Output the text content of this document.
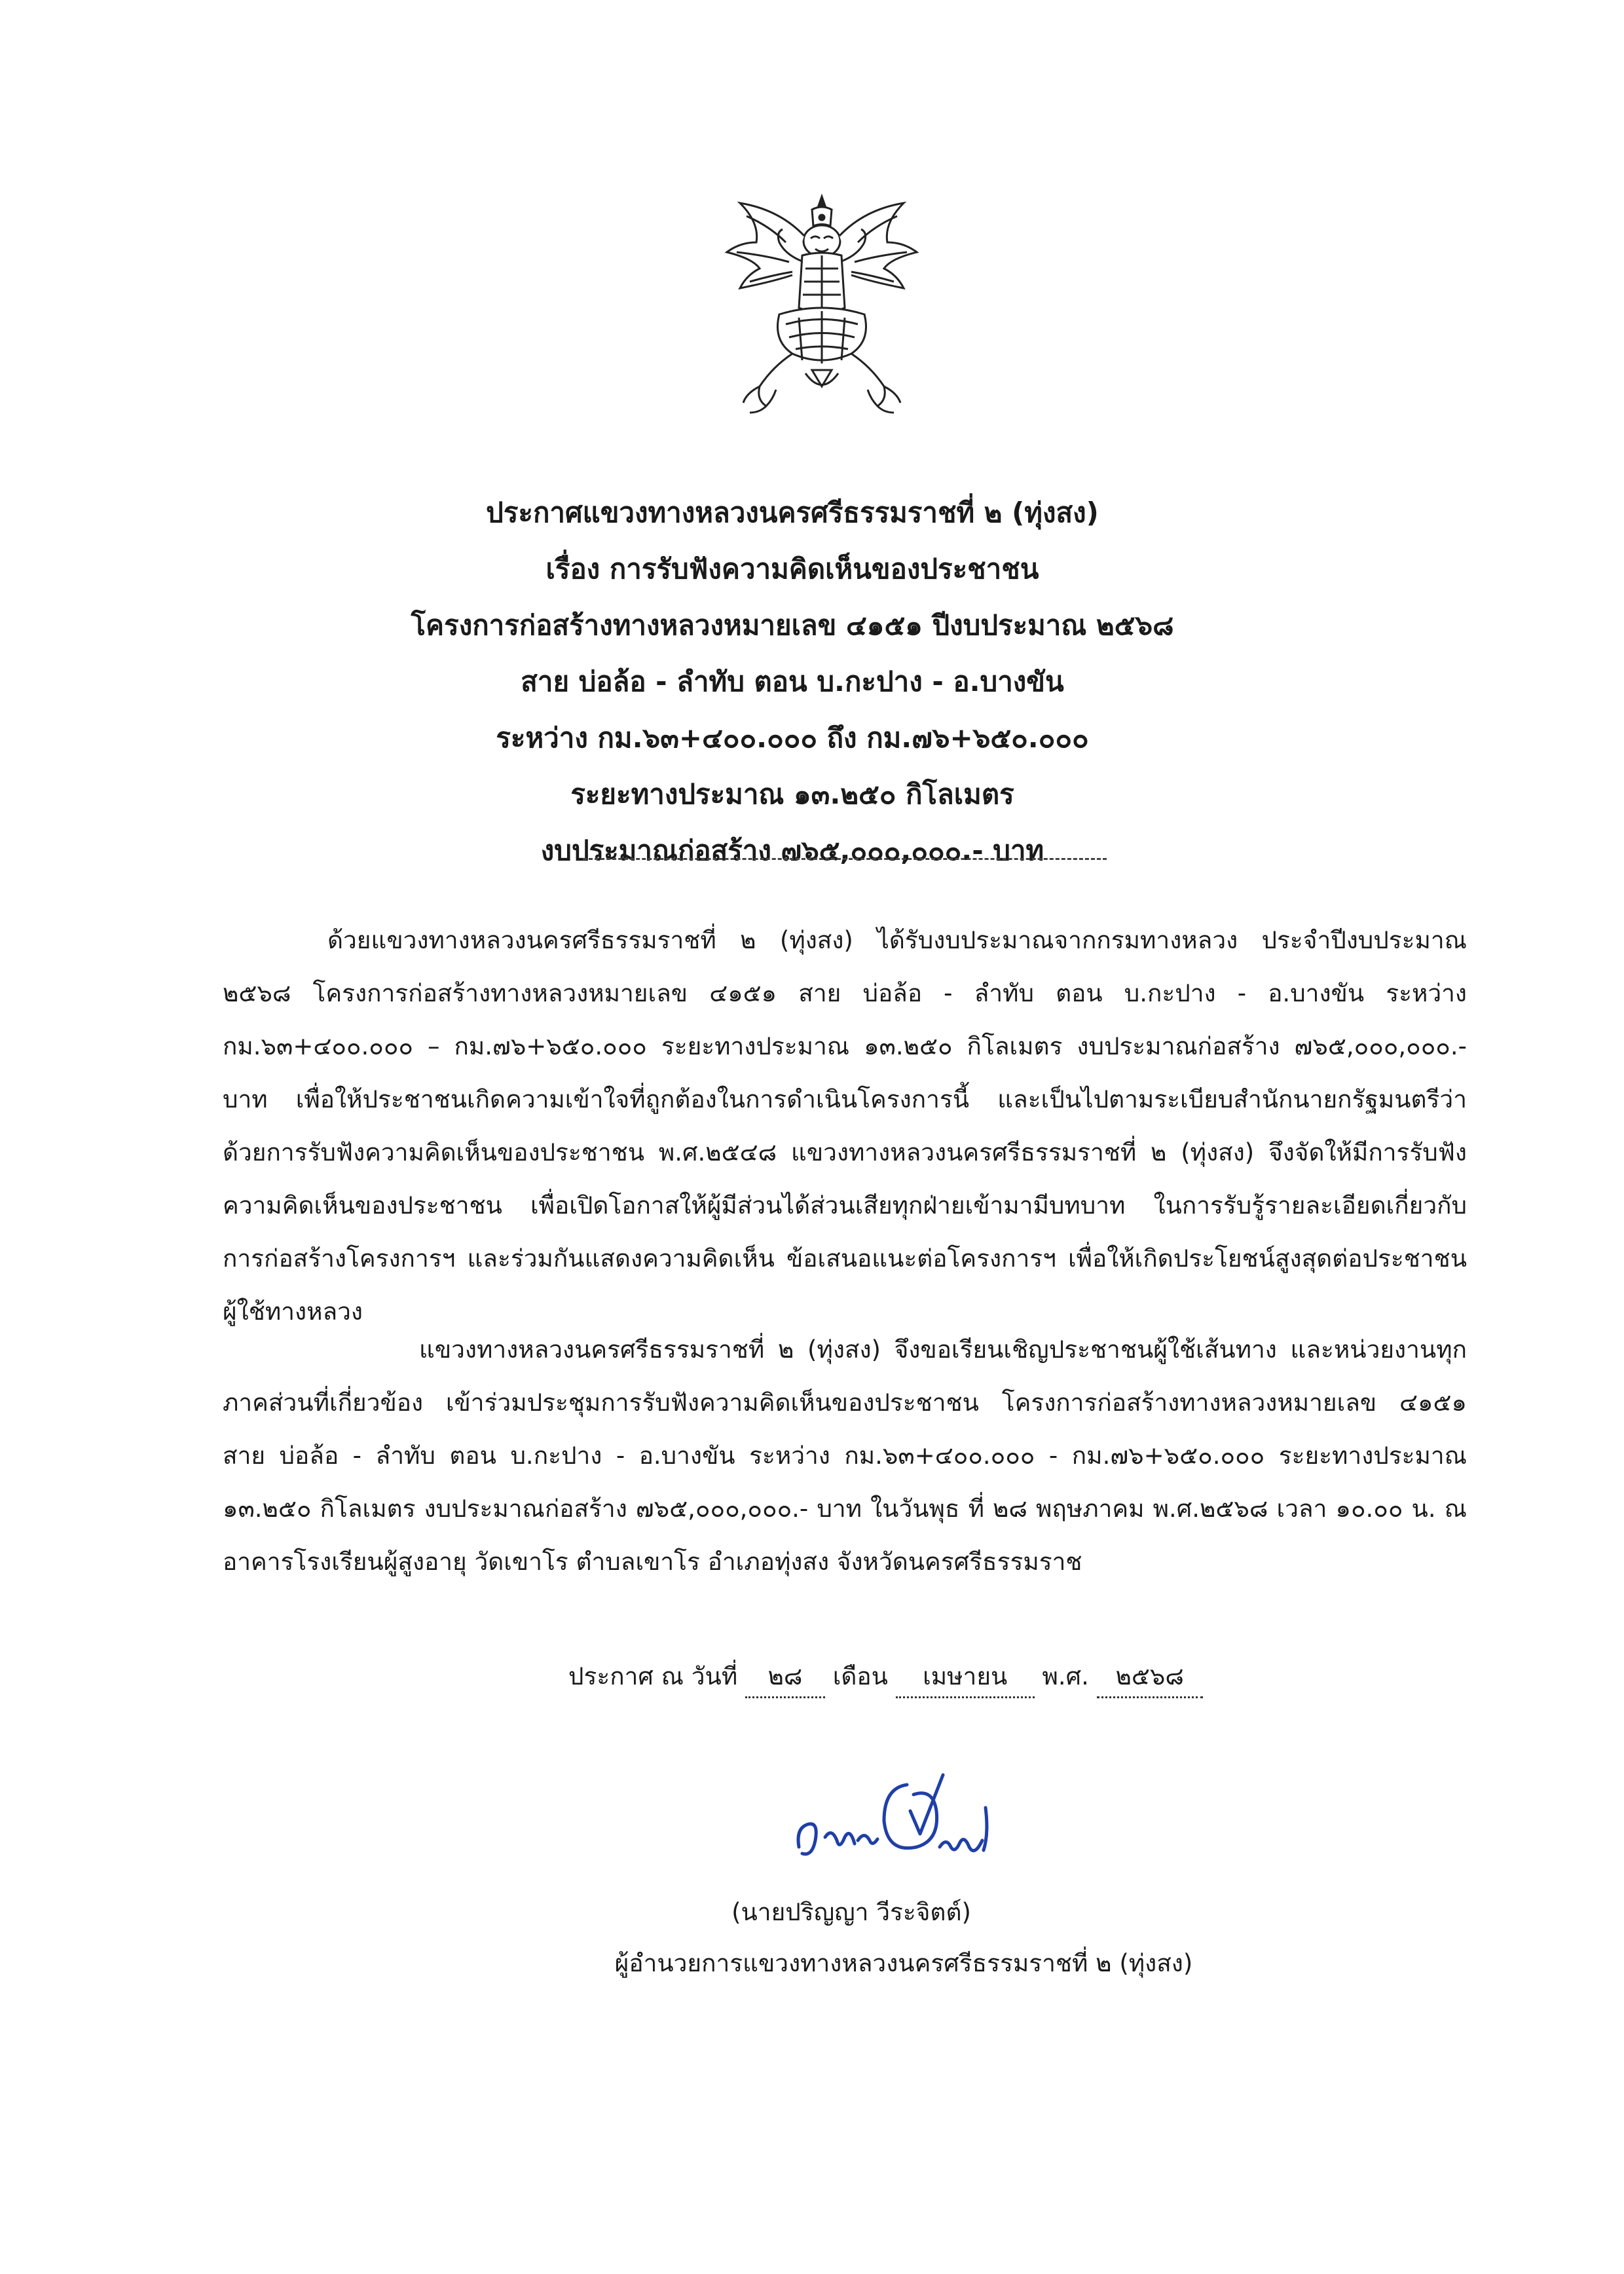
ประกาศแขวงทางหลวงนครศรีธรรมราชที่ ๒ (ทุ่งสง)
เรื่อง การรับฟังความคิดเห็นของประชาชน
โครงการก่อสร้างทางหลวงหมายเลข ๔๑๕๑ ปีงบประมาณ ๒๕๖๘
สาย บ่อล้อ - ลำทับ ตอน บ.กะปาง - อ.บางขัน
ระหว่าง กม.๖๓+๔๐๐.๐๐๐ ถึง กม.๗๖+๖๕๐.๐๐๐
ระยะทางประมาณ ๑๓.๒๕๐ กิโลเมตร
งบประมาณก่อสร้าง ๗๖๕,๐๐๐,๐๐๐.- บาท

ด้วยแขวงทางหลวงนครศรีธรรมราชที่ ๒ (ทุ่งสง) ได้รับงบประมาณจากกรมทางหลวง ประจำปีงบประมาณ ๒๕๖๘ โครงการก่อสร้างทางหลวงหมายเลข ๔๑๕๑ สาย บ่อล้อ - ลำทับ ตอน บ.กะปาง - อ.บางขัน ระหว่าง กม.๖๓+๔๐๐.๐๐๐ – กม.๗๖+๖๕๐.๐๐๐ ระยะทางประมาณ ๑๓.๒๕๐ กิโลเมตร งบประมาณก่อสร้าง ๗๖๕,๐๐๐,๐๐๐.- บาท เพื่อให้ประชาชนเกิดความเข้าใจที่ถูกต้องในการดำเนินโครงการนี้ และเป็นไปตามระเบียบสำนักนายกรัฐมนตรีว่าด้วยการรับฟังความคิดเห็นของประชาชน พ.ศ.๒๕๔๘ แขวงทางหลวงนครศรีธรรมราชที่ ๒ (ทุ่งสง) จึงจัดให้มีการรับฟังความคิดเห็นของประชาชน เพื่อเปิดโอกาสให้ผู้มีส่วนได้ส่วนเสียทุกฝ่ายเข้ามามีบทบาท ในการรับรู้รายละเอียดเกี่ยวกับการก่อสร้างโครงการฯ และร่วมกันแสดงความคิดเห็น ข้อเสนอแนะต่อโครงการฯ เพื่อให้เกิดประโยชน์สูงสุดต่อประชาชนผู้ใช้ทางหลวง

แขวงทางหลวงนครศรีธรรมราชที่ ๒ (ทุ่งสง) จึงขอเรียนเชิญประชาชนผู้ใช้เส้นทาง และหน่วยงานทุกภาคส่วนที่เกี่ยวข้อง เข้าร่วมประชุมการรับฟังความคิดเห็นของประชาชน โครงการก่อสร้างทางหลวงหมายเลข ๔๑๕๑ สาย บ่อล้อ - ลำทับ ตอน บ.กะปาง - อ.บางขัน ระหว่าง กม.๖๓+๔๐๐.๐๐๐ - กม.๗๖+๖๕๐.๐๐๐ ระยะทางประมาณ ๑๓.๒๕๐ กิโลเมตร งบประมาณก่อสร้าง ๗๖๕,๐๐๐,๐๐๐.- บาท ในวันพุธ ที่ ๒๘ พฤษภาคม พ.ศ.๒๕๖๘ เวลา ๑๐.๐๐ น. ณ อาคารโรงเรียนผู้สูงอายุ วัดเขาโร ตำบลเขาโร อำเภอทุ่งสง จังหวัดนครศรีธรรมราช

ประกาศ ณ วันที่ ๒๘ เดือน เมษายน พ.ศ. ๒๕๖๘
(นายปริญญา วีระจิตต์)
ผู้อำนวยการแขวงทางหลวงนครศรีธรรมราชที่ ๒ (ทุ่งสง)
